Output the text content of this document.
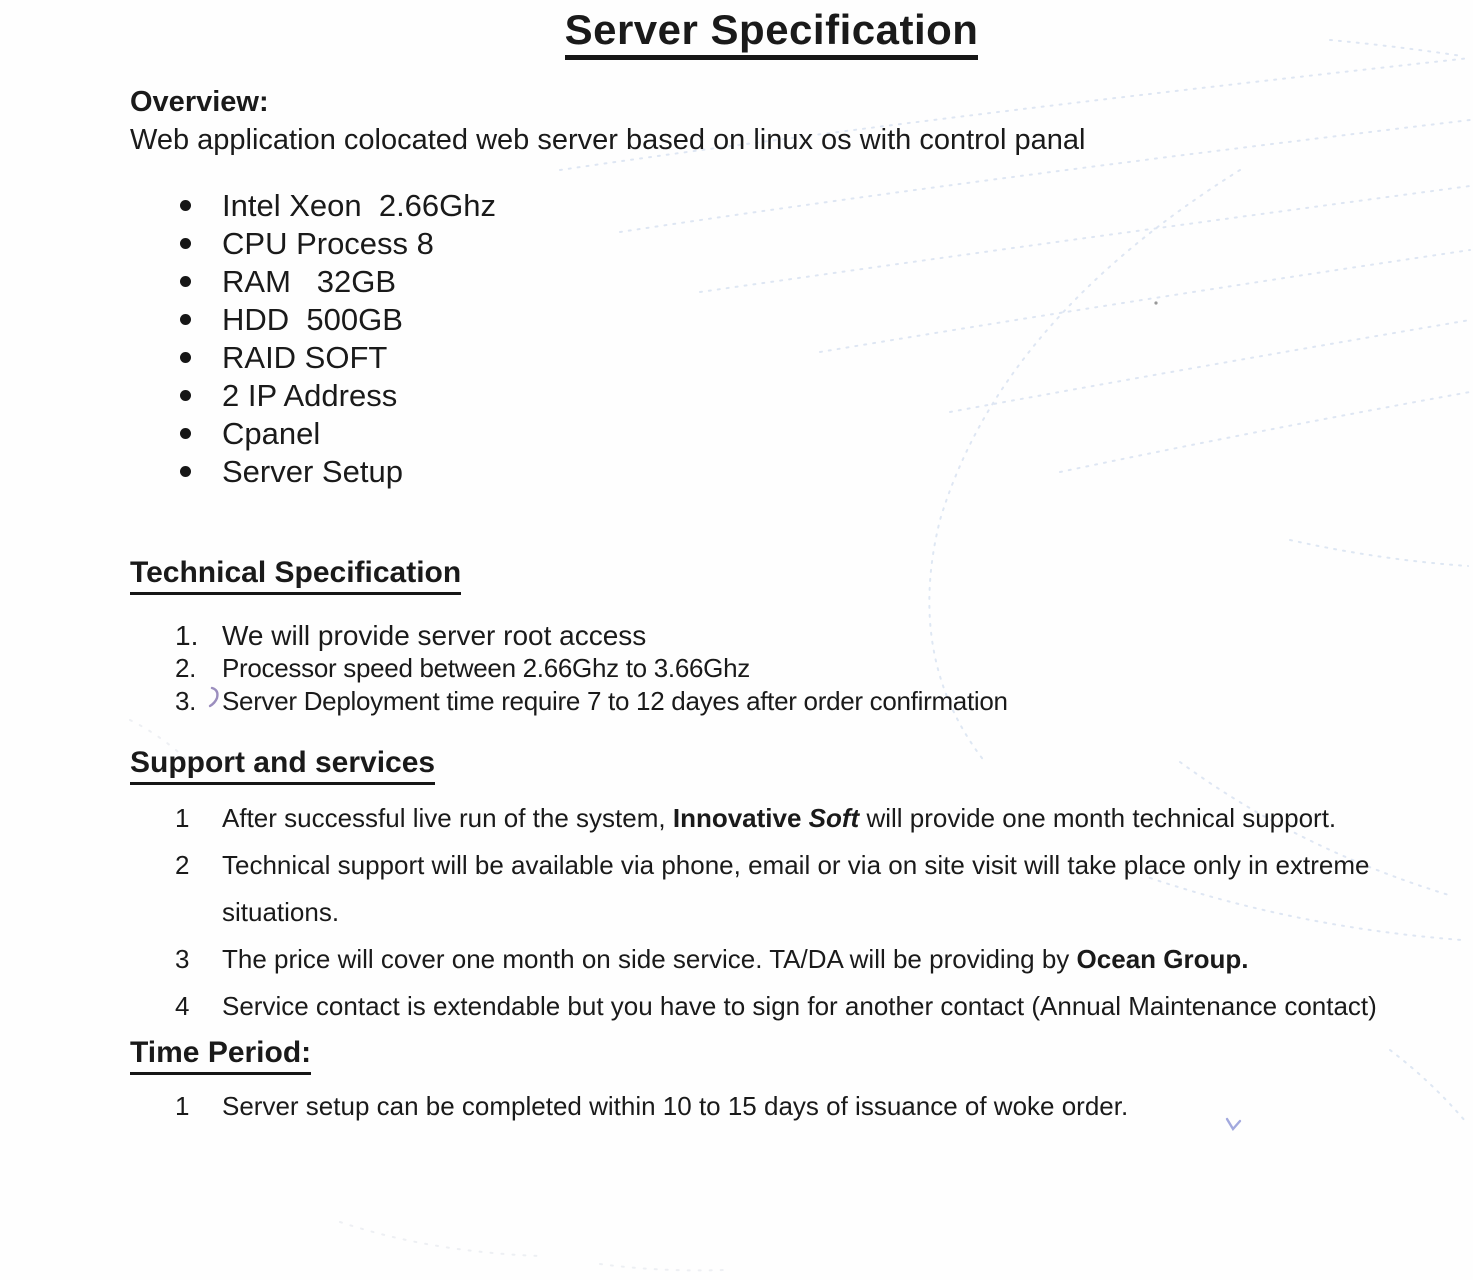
Server Specification
Overview:

Web application colocated web server based on linux os with control panal

Intel Xeon  2.66Ghz
CPU Process 8
RAM   32GB
HDD  500GB
RAID SOFT
2 IP Address
Cpanel
Server Setup
Technical Specification
1. We will provide server root access
2. Processor speed between 2.66Ghz to 3.66Ghz
3. Server Deployment time require 7 to 12 dayes after order confirmation
Support and services
1	After successful live run of the system, Innovative Soft will provide one month technical support.
2	Technical support will be available via phone, email or via on site visit will take place only in extreme situations.
3	The price will cover one month on side service. TA/DA will be providing by Ocean Group.
4	Service contact is extendable but you have to sign for another contact (Annual Maintenance contact)
Time Period:
1	Server setup can be completed within 10 to 15 days of issuance of woke order.
